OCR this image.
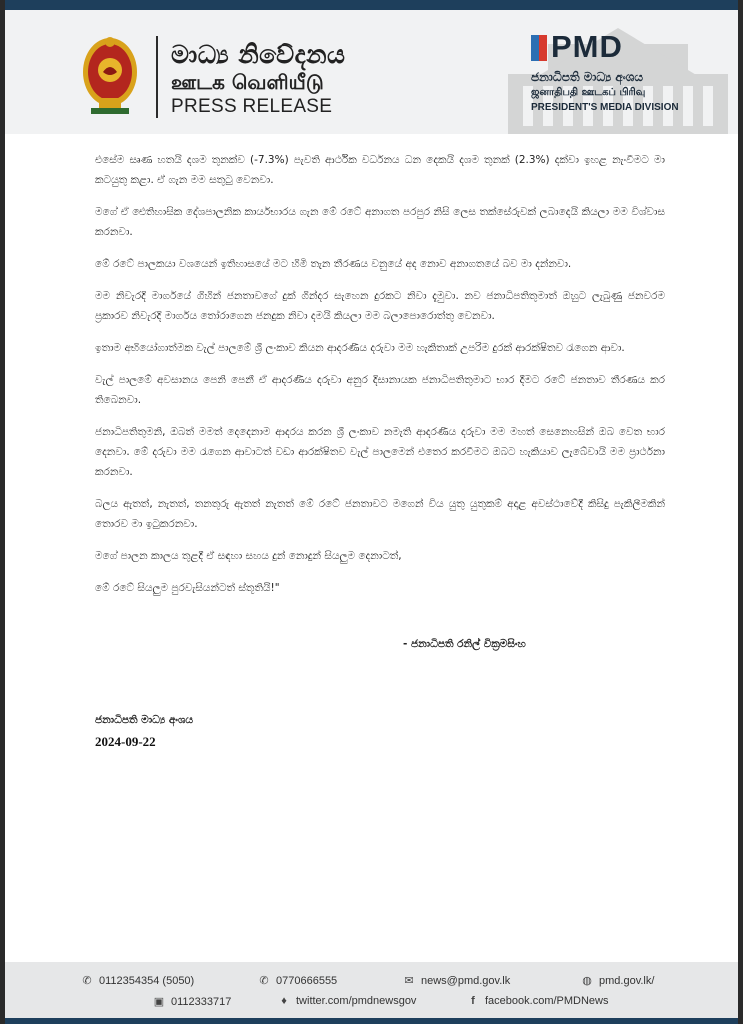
මාධ්‍ය නිවේදනය
ஊடக வெளியீடு
PRESS RELEASE
PMD
ජනාධිපති මාධ්‍ය අංශය
ஜனாதிபதி ஊடகப் பிரிவு
PRESIDENT'S MEDIA DIVISION

එසේම සෘණ හතයි දශම තුනක්ව (-7.3%) පැවති ආර්ථික වර්ධනය ධන දෙකයි දශම තුනක් (2.3%) දක්වා ඉහළ නැංවීමට මා කටයුතු කළා. ඒ ගැන මම සතුටු වෙනවා.

මගේ ඒ ඓතිහාසික දේශපාලනික කාර්යභාරය ගැන මේ රටේ අනාගත පරපුර නිසි ලෙස තක්සේරුවක් ලබාදෙයි කියලා මම විශ්වාස කරනවා.

මේ රටේ පාලකයා වශයෙන් ඉතිහාසයේ මට හිමි තැන තීරණය වනුයේ අද නොව අනාගතයේ බව මා දන්නවා.

මම නිවැරදි මාර්ගයේ ගිහින් ජනතාවගේ දුක් ගින්දර සැහෙන දුරකට නිවා දැමුවා. නව ජනාධිපතිතුමාත් ඔහුට ලැබුණු ජනවරම ප්‍රකාරව නිවැරදි මාර්ගය තෝරාගෙන ජනදුක නිවා දමයි කියලා මම බලාපොරොත්තු වෙනවා.

ඉතාම අභියෝගාත්මක වැල් පාලමේ ශ්‍රී ලංකාව කියන ආදරණීය දරුවා මම හැකිතාක් උපරිම දුරක් ආරක්ෂිතව රැගෙන ආවා.

වැල් පාලමේ අවසානය පෙනි පෙනී ඒ ආදරණීය දරුවා අනුර දිසානායක ජනාධිපතිතුමාට භාර දීමට රටේ ජනතාව තීරණය කර තිබෙනවා.

ජනාධිපතිතුමනි, ඔබත් මමත් දෙදෙනාම ආදරය කරන ශ්‍රී ලංකාව නමැති ආදරණීය දරුවා මම මහත් සෙනෙහසින් ඔබ වෙත භාර දෙනවා. මේ දරුවා මම රැගෙන ආවාටත් වඩා ආරක්ෂිතව වැල් පාලමෙන් එතෙර කරවීමට ඔබට හැකියාව ලැබේවායි මම ප්‍රාර්ථනා කරනවා.

බලය ඇතත්, නැතත්, තනතුරු ඇතත් නැතත් මේ රටේ ජනතාවට මගෙන් විය යුතු යුතුකම් අදාළ අවස්ථාවේදී කිසිදු පැකිලීමකින් තොරව මා ඉටුකරනවා.

මගේ පාලන කාලය තුළදී ඒ සඳහා සහය දුන් නොදුන් සියලුම දෙනාටත්,

මේ රටේ සියලුම පුරවැසියන්ටත් ස්තූතියි!"

- ජනාධිපති රනිල් වික්‍රමසිංහ
ජනාධිපති මාධ්‍ය අංශය
2024-09-22
✆ 0112354354 (5050)	✆ 0770666555	✉ news@pmd.gov.lk	◍ pmd.gov.lk/
▣ 0112333717	♦ twitter.com/pmdnewsgov	f facebook.com/PMDNews
